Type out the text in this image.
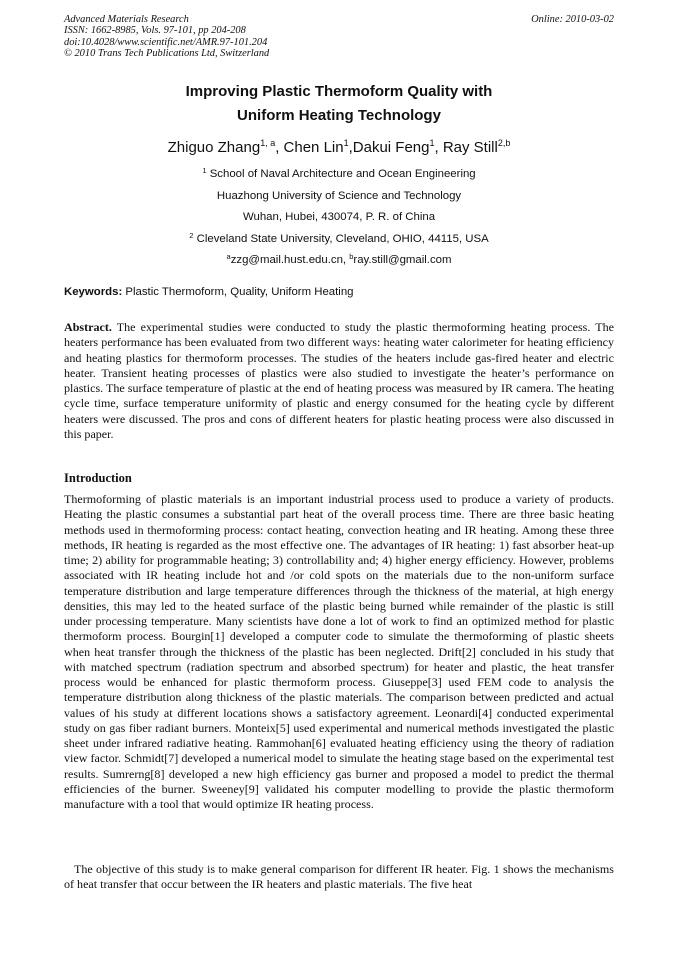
Advanced Materials Research
ISSN: 1662-8985, Vols. 97-101, pp 204-208
doi:10.4028/www.scientific.net/AMR.97-101.204
© 2010 Trans Tech Publications Ltd, Switzerland
Online: 2010-03-02
Improving Plastic Thermoform Quality with
Uniform Heating Technology
Zhiguo Zhang$^{1, a}$, Chen Lin$^1$,Dakui Feng$^1$, Ray Still$^{2,b}$
$^1$ School of Naval Architecture and Ocean Engineering
Huazhong University of Science and Technology
Wuhan, Hubei, 430074, P. R. of China
$^2$ Cleveland State University, Cleveland, OHIO, 44115, USA
$^a$zzg@mail.hust.edu.cn, $^b$ray.still@gmail.com
Keywords: Plastic Thermoform, Quality, Uniform Heating
Abstract. The experimental studies were conducted to study the plastic thermoforming heating process. The heaters performance has been evaluated from two different ways: heating water calorimeter for heating efficiency and heating plastics for thermoform processes. The studies of the heaters include gas-fired heater and electric heater. Transient heating processes of plastics were also studied to investigate the heater’s performance on plastics. The surface temperature of plastic at the end of heating process was measured by IR camera. The heating cycle time, surface temperature uniformity of plastic and energy consumed for the heating cycle by different heaters were discussed. The pros and cons of different heaters for plastic heating process were also discussed in this paper.
Introduction
Thermoforming of plastic materials is an important industrial process used to produce a variety of products. Heating the plastic consumes a substantial part heat of the overall process time. There are three basic heating methods used in thermoforming process: contact heating, convection heating and IR heating. Among these three methods, IR heating is regarded as the most effective one. The advantages of IR heating: 1) fast absorber heat-up time; 2) ability for programmable heating; 3) controllability and; 4) higher energy efficiency. However, problems associated with IR heating include hot and /or cold spots on the materials due to the non-uniform surface temperature distribution and large temperature differences through the thickness of the material, at high energy densities, this may led to the heated surface of the plastic being burned while remainder of the plastic is still under processing temperature. Many scientists have done a lot of work to find an optimized method for plastic thermoform process. Bourgin[1] developed a computer code to simulate the thermoforming of plastic sheets when heat transfer through the thickness of the plastic has been neglected. Drift[2] concluded in his study that with matched spectrum (radiation spectrum and absorbed spectrum) for heater and plastic, the heat transfer process would be enhanced for plastic thermoform process. Giuseppe[3] used FEM code to analysis the temperature distribution along thickness of the plastic materials. The comparison between predicted and actual values of his study at different locations shows a satisfactory agreement. Leonardi[4] conducted experimental study on gas fiber radiant burners. Monteix[5] used experimental and numerical methods investigated the plastic sheet under infrared radiative heating. Rammohan[6] evaluated heating efficiency using the theory of radiation view factor. Schmidt[7] developed a numerical model to simulate the heating stage based on the experimental test results. Sumrerng[8] developed a new high efficiency gas burner and proposed a model to predict the thermal efficiencies of the burner. Sweeney[9] validated his computer modelling to provide the plastic thermoform manufacture with a tool that would optimize IR heating process.
The objective of this study is to make general comparison for different IR heater. Fig. 1 shows the mechanisms of heat transfer that occur between the IR heaters and plastic materials. The five heat
